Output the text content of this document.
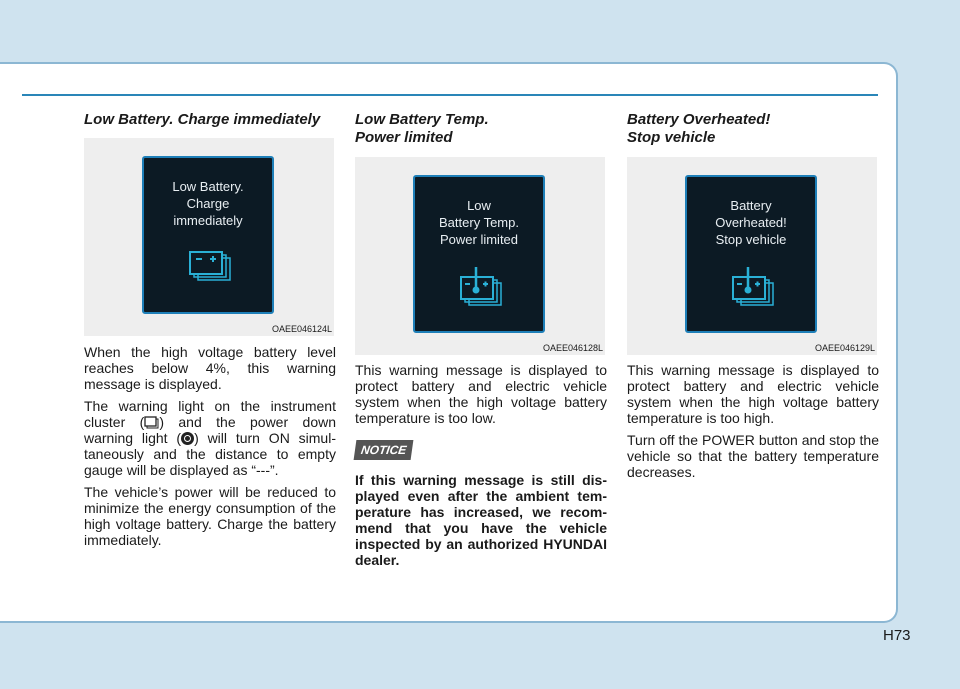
Low Battery. Charge immediately
Low Battery.
Charge
immediately
OAEE046124L

When the high voltage battery level reaches below 4%, this warning message is displayed.

The warning light on the instrument cluster ( ) and the power down warning light ( ) will turn ON simultaneously and the distance to empty gauge will be displayed as “---”.

The vehicle’s power will be reduced to minimize the energy consumption of the high voltage battery. Charge the battery immediately.

Low Battery Temp.
Power limited
Low
Battery Temp.
Power limited
OAEE046128L

This warning message is displayed to protect battery and electric vehicle system when the high voltage battery temperature is too low.

NOTICE

If this warning message is still displayed even after the ambient temperature has increased, we recommend that you have the vehicle inspected by an authorized HYUNDAI dealer.

Battery Overheated!
Stop vehicle
Battery
Overheated!
Stop vehicle
OAEE046129L

This warning message is displayed to protect battery and electric vehicle system when the high voltage battery temperature is too high.

Turn off the POWER button and stop the vehicle so that the battery temperature decreases.

H73
